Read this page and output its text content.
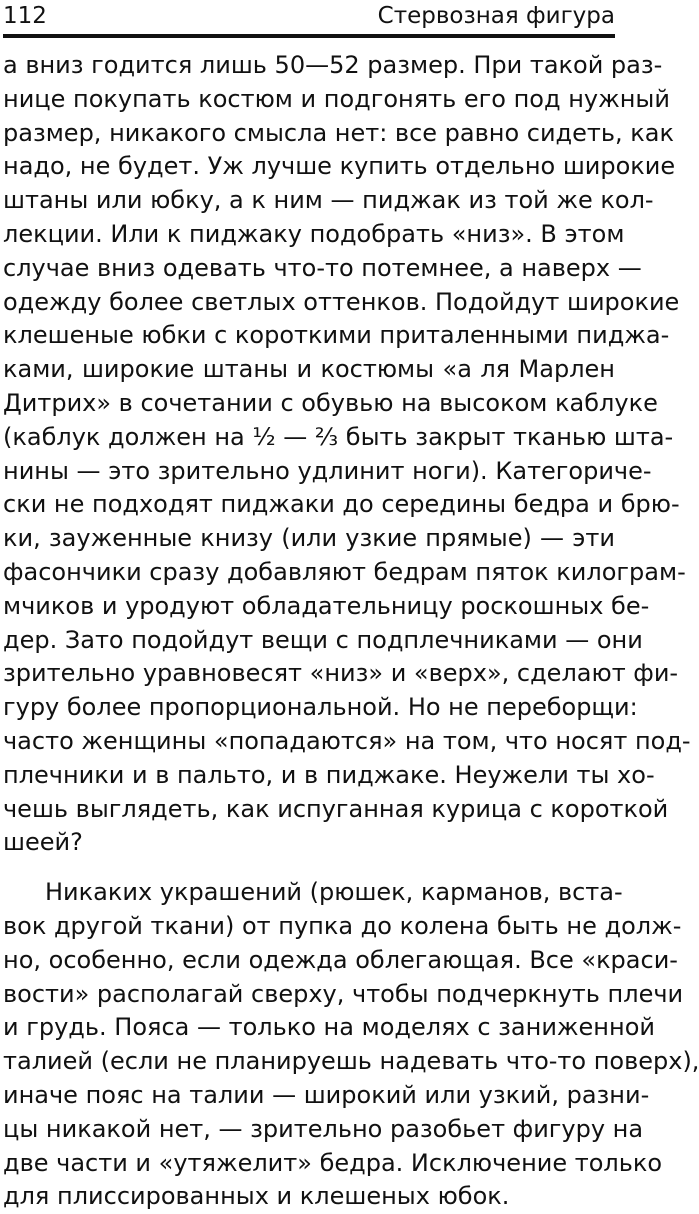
112	Стервозная фигура
а вниз годится лишь 50—52 размер. При такой раз-
нице покупать костюм и подгонять его под нужный
размер, никакого смысла нет: все равно сидеть, как
надо, не будет. Уж лучше купить отдельно широкие
штаны или юбку, а к ним — пиджак из той же кол-
лекции. Или к пиджаку подобрать «низ». В этом
случае вниз одевать что-то потемнее, а наверх —
одежду более светлых оттенков. Подойдут широкие
клешеные юбки с короткими приталенными пиджа-
ками, широкие штаны и костюмы «а ля Марлен
Дитрих» в сочетании с обувью на высоком каблуке
(каблук должен на ½ — ⅔ быть закрыт тканью шта-
нины — это зрительно удлинит ноги). Категориче-
ски не подходят пиджаки до середины бедра и брю-
ки, зауженные книзу (или узкие прямые) — эти
фасончики сразу добавляют бедрам пяток килограм-
мчиков и уродуют обладательницу роскошных бе-
дер. Зато подойдут вещи с подплечниками — они
зрительно уравновесят «низ» и «верх», сделают фи-
гуру более пропорциональной. Но не переборщи:
часто женщины «попадаются» на том, что носят под-
плечники и в пальто, и в пиджаке. Неужели ты хо-
чешь выглядеть, как испуганная курица с короткой
шеей?
Никаких украшений (рюшек, карманов, вста-
вок другой ткани) от пупка до колена быть не долж-
но, особенно, если одежда облегающая. Все «краси-
вости» располагай сверху, чтобы подчеркнуть плечи
и грудь. Пояса — только на моделях с заниженной
талией (если не планируешь надевать что-то поверх),
иначе пояс на талии — широкий или узкий, разни-
цы никакой нет, — зрительно разобьет фигуру на
две части и «утяжелит» бедра. Исключение только
для плиссированных и клешеных юбок.
